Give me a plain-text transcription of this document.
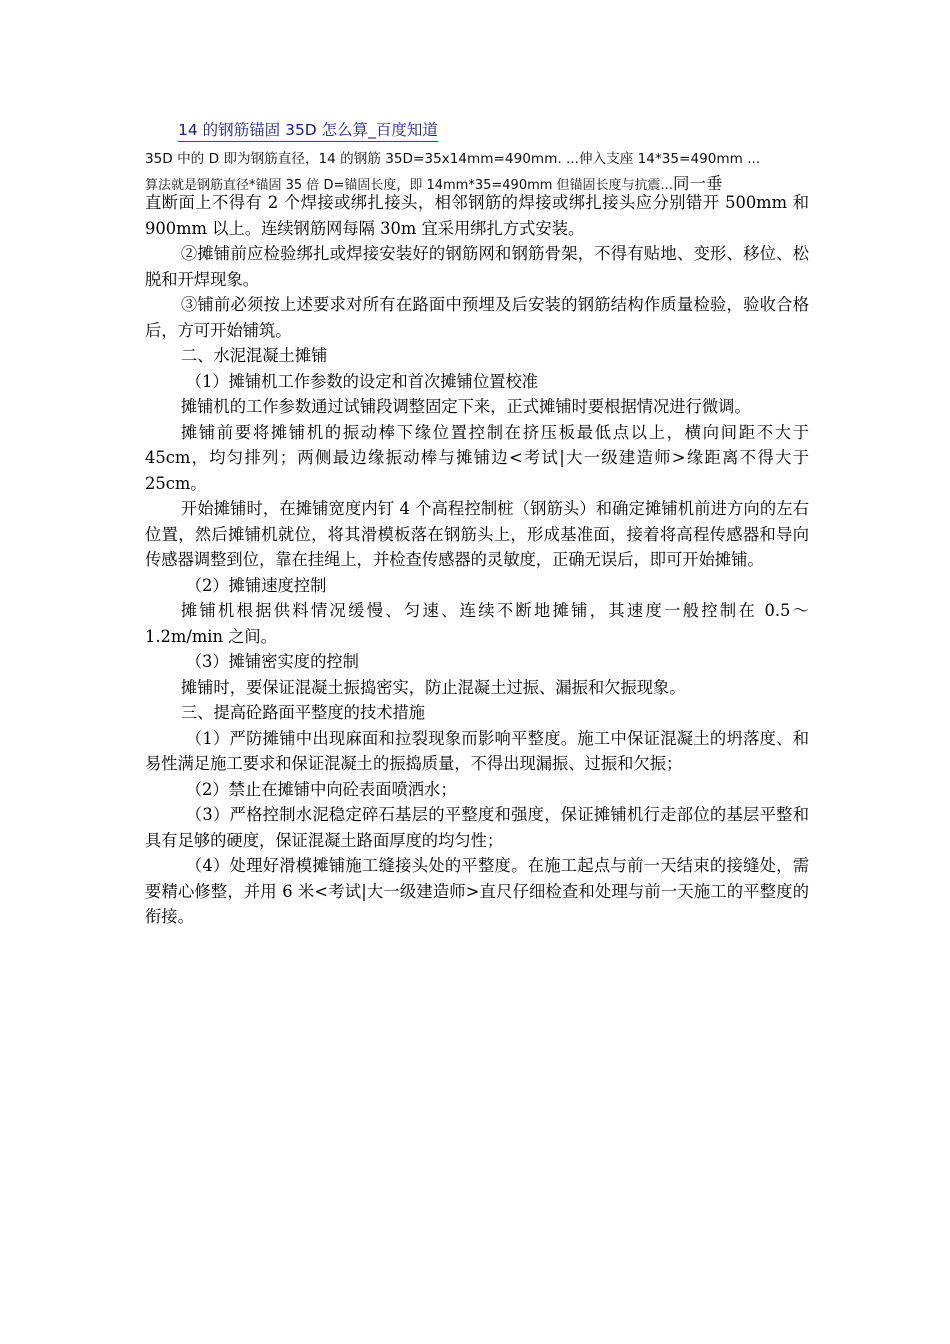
14 的钢筋锚固 35D 怎么算_百度知道
35D 中的 D 即为钢筋直径，14 的钢筋 35D=35x14mm=490mm. ...伸入支座 14*35=490mm ...
算法就是钢筋直径*锚固 35 倍 D=锚固长度，即 14mm*35=490mm 但锚固长度与抗震...同一垂

直断面上不得有 2 个焊接或绑扎接头，相邻钢筋的焊接或绑扎接头应分别错开 500mm 和 900mm 以上。连续钢筋网每隔 30m 宜采用绑扎方式安装。

②摊铺前应检验绑扎或焊接安装好的钢筋网和钢筋骨架，不得有贴地、变形、移位、松脱和开焊现象。

③铺前必须按上述要求对所有在路面中预埋及后安装的钢筋结构作质量检验，验收合格后，方可开始铺筑。

二、水泥混凝土摊铺

（1）摊铺机工作参数的设定和首次摊铺位置校准

摊铺机的工作参数通过试铺段调整固定下来，正式摊铺时要根据情况进行微调。

摊铺前要将摊铺机的振动棒下缘位置控制在挤压板最低点以上，横向间距不大于 45cm，均匀排列；两侧最边缘振动棒与摊铺边<考试|大一级建造师>缘距离不得大于 25cm。

开始摊铺时，在摊铺宽度内钉 4 个高程控制桩（钢筋头）和确定摊铺机前进方向的左右位置，然后摊铺机就位，将其滑模板落在钢筋头上，形成基准面，接着将高程传感器和导向传感器调整到位，靠在挂绳上，并检查传感器的灵敏度，正确无误后，即可开始摊铺。

（2）摊铺速度控制

摊铺机根据供料情况缓慢、匀速、连续不断地摊铺，其速度一般控制在 0.5～1.2m/min 之间。

（3）摊铺密实度的控制

摊铺时，要保证混凝土振捣密实，防止混凝土过振、漏振和欠振现象。

三、提高砼路面平整度的技术措施

（1）严防摊铺中出现麻面和拉裂现象而影响平整度。施工中保证混凝土的坍落度、和易性满足施工要求和保证混凝土的振捣质量，不得出现漏振、过振和欠振；

（2）禁止在摊铺中向砼表面喷洒水；

（3）严格控制水泥稳定碎石基层的平整度和强度，保证摊铺机行走部位的基层平整和具有足够的硬度，保证混凝土路面厚度的均匀性；

（4）处理好滑模摊铺施工缝接头处的平整度。在施工起点与前一天结束的接缝处，需要精心修整，并用 6 米<考试|大一级建造师>直尺仔细检查和处理与前一天施工的平整度的衔接。
